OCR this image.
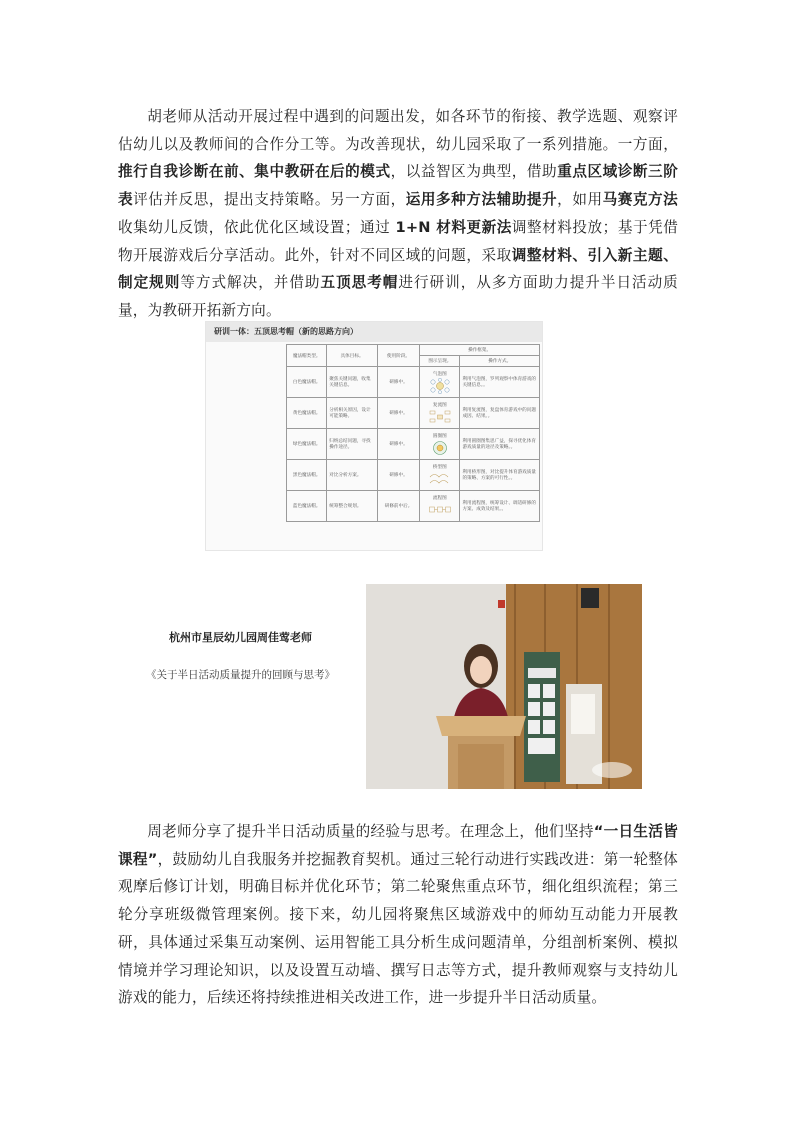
胡老师从活动开展过程中遇到的问题出发，如各环节的衔接、教学选题、观察评估幼儿以及教师间的合作分工等。为改善现状，幼儿园采取了一系列措施。一方面，推行自我诊断在前、集中教研在后的模式，以益智区为典型，借助重点区域诊断三阶表评估并反思，提出支持策略。另一方面，运用多种方法辅助提升，如用马赛克方法收集幼儿反馈，依此优化区域设置；通过 1+N 材料更新法调整材料投放；基于凭借物开展游戏后分享活动。此外，针对不同区域的问题，采取调整材料、引入新主题、制定规则等方式解决，并借助五顶思考帽进行研训，从多方面助力提升半日活动质量，为教研开拓新方向。

研训一体：五顶思考帽（新的思路方向）
魔法帽类型。	具体目标。	使用阶段。	操作框架。	
			图示呈现。	操作方式。
白色魔法帽。	聚焦关键问题，收集关键信息。	研修中。	气泡图	利用气泡图，罗列观察中体育游戏的关键信息。。
黄色魔法帽。	分析相关原因，设计可能策略。	研修中。	复流图	利用复流图，复盘体育游戏中的问题成因、结果。。
绿色魔法帽。	归纳总结问题，寻找操作途径。	研修中。	圆圈图	利用圆圈图集思广益，探寻优化体育游戏质量的途径及策略。。
黑色魔法帽。	对比分析方案。	研修中。	桥型图	利用桥形图，对比提升体育游戏质量的策略、方案的可行性。。
蓝色魔法帽。	统筹整合规划。	研修前中后。	流程图	利用流程图，统筹设计、调适研修的方案、成效及结果。。

杭州市星辰幼儿园周佳莺老师

《关于半日活动质量提升的回顾与思考》

周老师分享了提升半日活动质量的经验与思考。在理念上，他们坚持“一日生活皆课程”，鼓励幼儿自我服务并挖掘教育契机。通过三轮行动进行实践改进：第一轮整体观摩后修订计划，明确目标并优化环节；第二轮聚焦重点环节，细化组织流程；第三轮分享班级微管理案例。接下来，幼儿园将聚焦区域游戏中的师幼互动能力开展教研，具体通过采集互动案例、运用智能工具分析生成问题清单，分组剖析案例、模拟情境并学习理论知识，以及设置互动墙、撰写日志等方式，提升教师观察与支持幼儿游戏的能力，后续还将持续推进相关改进工作，进一步提升半日活动质量。
